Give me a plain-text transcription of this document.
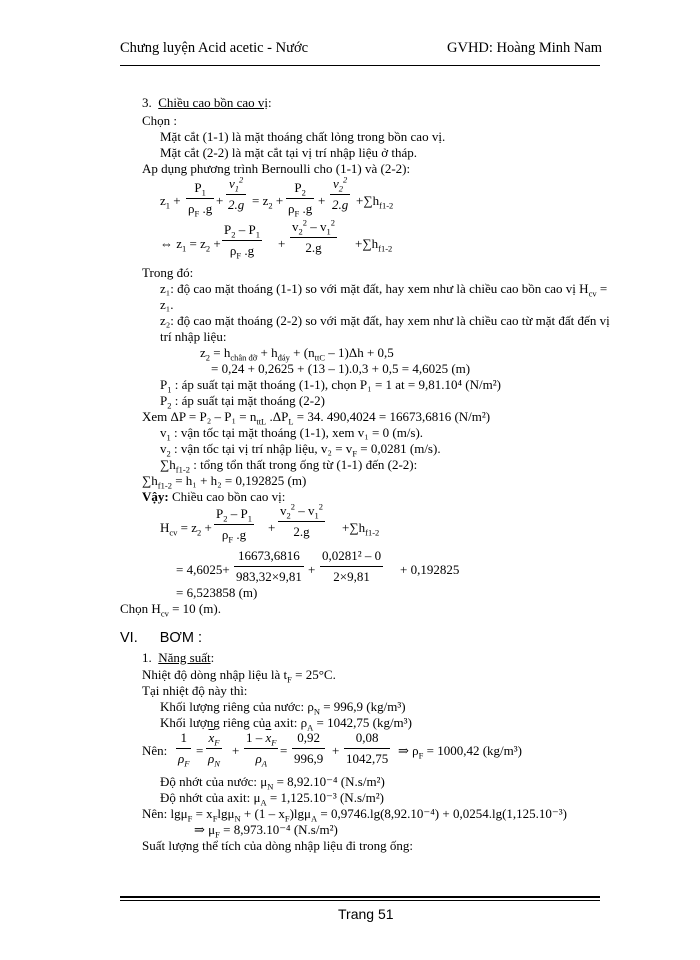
Chưng luyện Acid acetic - Nước	GVHD: Hoàng Minh Nam
3. Chiều cao bồn cao vị:
Chọn :
Mặt cắt (1-1) là mặt thoáng chất lỏng trong bồn cao vị.
Mặt cắt (2-2) là mặt cắt tại vị trí nhập liệu ở tháp.
Ap dụng phương trình Bernoulli cho (1-1) và (2-2):
$z_1 + \frac{P_1}{\rho_F .g} + \frac{v_1^2}{2.g} = z_2 + \frac{P_2}{\rho_F .g} + \frac{v_2^2}{2.g} +\sum h_{f1-2}$
⇔ $z_1 = z_2 + \frac{P_2 - P_1}{\rho_F .g} + \frac{v_2^2 - v_1^2}{2.g} +\sum h_{f1-2}$
Trong đó:
z₁: độ cao mặt thoáng (1-1) so với mặt đất, hay xem như là chiều cao bồn cao vị $H_{cv}$ =
z₁.
z₂: độ cao mặt thoáng (2-2) so với mặt đất, hay xem như là chiều cao từ mặt đất đến vị
trí nhập liệu:
$z_2 = h_{chân đỡ} + h_{đáy} + (n_{ttC} - 1)\Delta h + 0,5$
= 0,24 + 0,2625 + (13 – 1).0,3 + 0,5 = 4,6025 (m)
$P_1$ : áp suất tại mặt thoáng (1-1), chọn P₁ = 1 at = 9,81.10⁴ (N/m²)
$P_2$ : áp suất tại mặt thoáng (2-2)
Xem $\Delta P = P_2 - P_1 = n_{ttL}$ $.\Delta P_L = 34$. 490,4024 = 16673,6816 (N/m²)
$v_1$ : vận tốc tại mặt thoáng (1-1), xem v₁ = 0 (m/s).
$v_2$ : vận tốc tại vị trí nhập liệu, $v_2 = v_F = 0,0281$ (m/s).
$\sum h_{f1-2}$ : tổng tổn thất trong ống từ (1-1) đến (2-2):
$\sum h_{f1-2} = h_1 + h_2 = 0,192825$ (m)
Vậy: Chiều cao bồn cao vị:
$H_{cv} = z_2 + \frac{P_2 - P_1}{\rho_F .g} + \frac{v_2^2 - v_1^2}{2.g} +\sum h_{f1-2}$
= $4,6025+ \frac{16673,6816}{983,32\times 9,81} + \frac{\text{0,0281² – 0}}{2\times 9,81} + 0,192825$
= 6,523858 (m)
Chọn $H_{cv} = 10$ (m).
VI. BƠM :
1. Năng suất:
Nhiệt độ dòng nhập liệu là $t_F = 25^\circ C$.
Tại nhiệt độ này thì:
Khối lượng riêng của nước: $\rho_N = 996,9$ (kg/m³)
Khối lượng riêng của axit: $\rho_A = 1042,75$ (kg/m³)
Nên: $\frac{1}{\rho_F} = \frac{\overline{x}_F}{\rho_N} + \frac{1 - \overline{x}_F}{\rho_A} = \frac{0,92}{996,9} + \frac{0,08}{1042,75}$ ⇒ $\rho_F = 1000,42$ (kg/m³)
Độ nhớt của nước: $\mu_N = 8,92.10^{-4}$ (N.s/m²)
Độ nhớt của axit: $\mu_A = 1,125.10^{-3}$ (N.s/m²)
Nên: $\lg\mu_F = x_F\lg\mu_N + (1 - x_F)\lg\mu_A = 0,9746.\lg(8,92.10^{-4}) + 0,0254.\lg(1,125.10^{-3})$
⇒ $\mu_F = 8,973.10^{-4}$ (N.s/m²)
Suất lượng thể tích của dòng nhập liệu đi trong ống:
Trang 51
